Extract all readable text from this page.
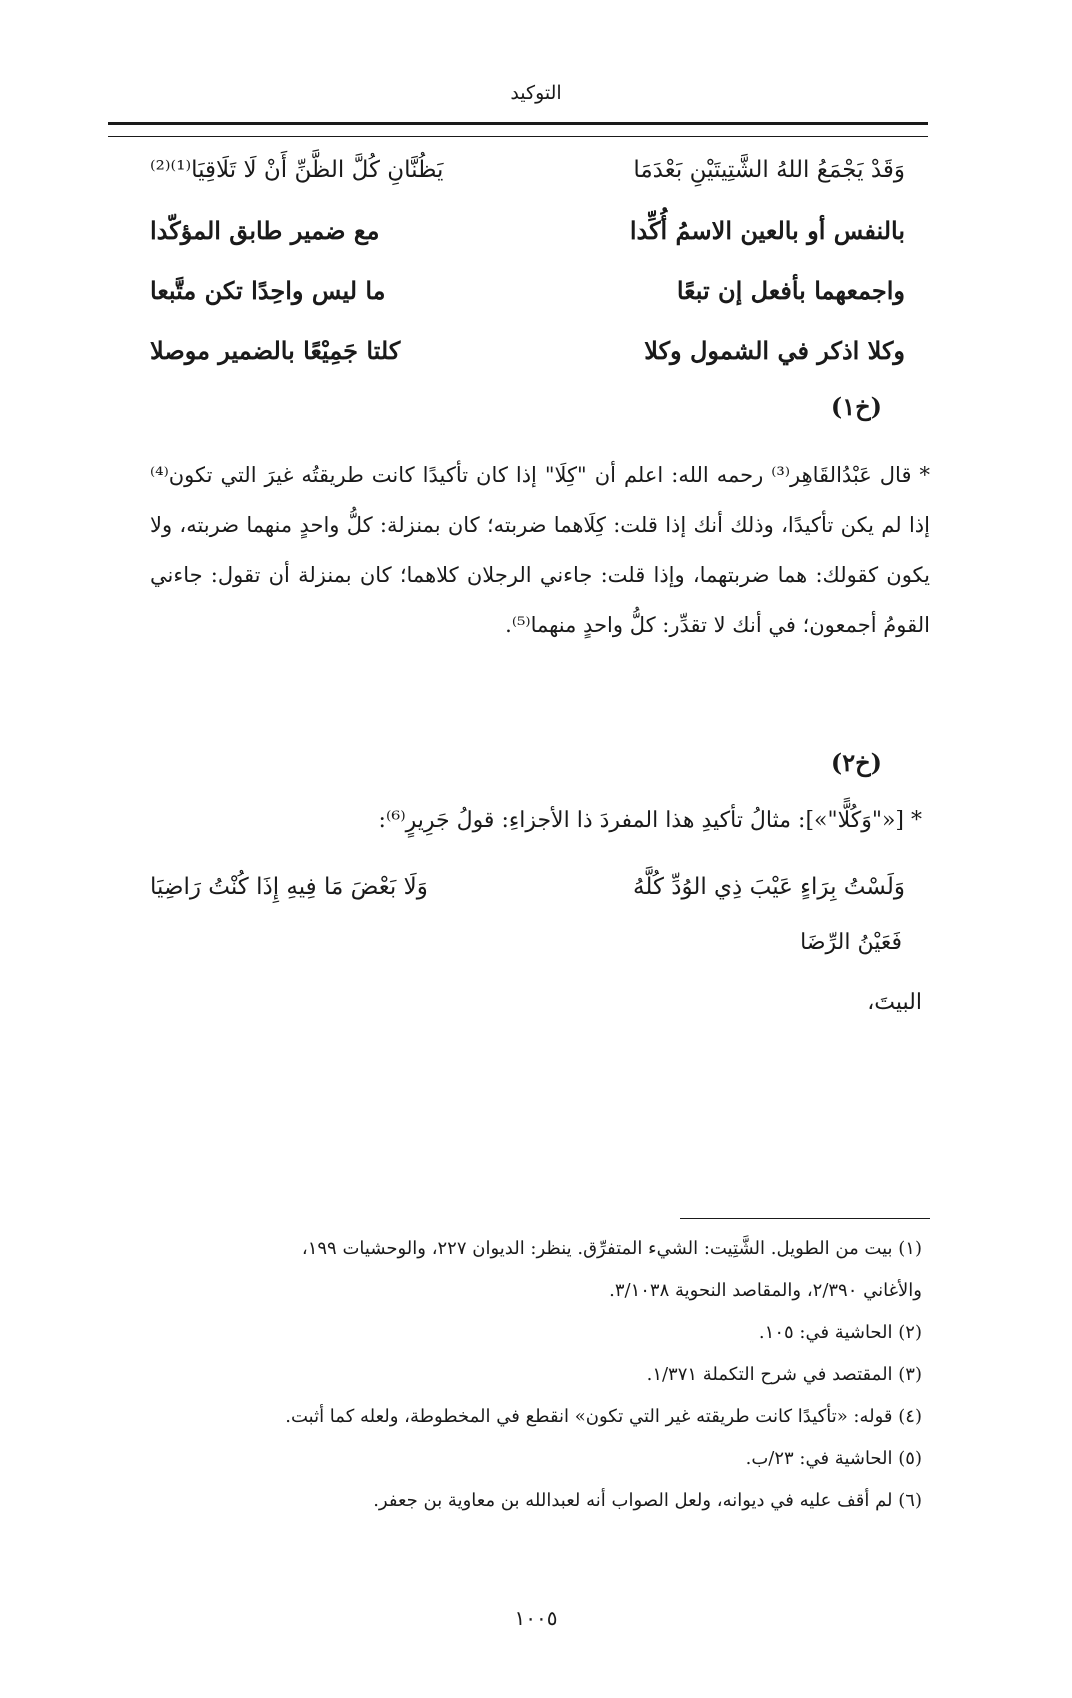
التوكيد
وَقَدْ يَجْمَعُ اللهُ الشَّتِيتَيْنِ بَعْدَمَا
يَظُنَّانِ كُلَّ الظَّنِّ أَنْ لَا تَلَاقِيَا⁽¹⁾⁽²⁾
بالنفس أو بالعين الاسمُ أُكِّدا
مع ضمير طابق المؤكّدا
واجمعهما بأفعل إن تبعًا
ما ليس واحِدًا تكن متَّبعا
وكلا اذكر في الشمول وكلا
كلتا جَمِيْعًا بالضمير موصلا
(خ١)
* قال عَبْدُالقَاهِر⁽³⁾ رحمه الله: اعلم أن "كِلَا" إذا كان تأكيدًا كانت طريقتُه غيرَ التي تكون⁽⁴⁾ إذا لم يكن تأكيدًا، وذلك أنك إذا قلت: كِلَاهما ضربته؛ كان بمنزلة: كلُّ واحدٍ منهما ضربته، ولا يكون كقولك: هما ضربتهما، وإذا قلت: جاءني الرجلان كلاهما؛ كان بمنزلة أن تقول: جاءني القومُ أجمعون؛ في أنك لا تقدِّر: كلُّ واحدٍ منهما⁽⁵⁾.
(خ٢)
* [«"وَكُلًّا"»]: مثالُ تأكيدِ هذا المفردَ ذا الأجزاءِ: قولُ جَرِيرٍ⁽⁶⁾:
وَلَسْتُ بِرَاءٍ عَيْبَ ذِي الوُدِّ كُلَّهُ
وَلَا بَعْضَ مَا فِيهِ إِذَا كُنْتُ رَاضِيَا
فَعَيْنُ الرِّضَا
البيتَ،
(١) بيت من الطويل. الشَّتِيت: الشيء المتفرِّق. ينظر: الديوان ٢٢٧، والوحشيات ١٩٩،
والأغاني ٢/٣٩٠، والمقاصد النحوية ٣/١٠٣٨.
(٢) الحاشية في: ١٠٥.
(٣) المقتصد في شرح التكملة ١/٣٧١.
(٤) قوله: «تأكيدًا كانت طريقته غير التي تكون» انقطع في المخطوطة، ولعله كما أثبت.
(٥) الحاشية في: ٢٣/ب.
(٦) لم أقف عليه في ديوانه، ولعل الصواب أنه لعبدالله بن معاوية بن جعفر.
١٠٠٥
